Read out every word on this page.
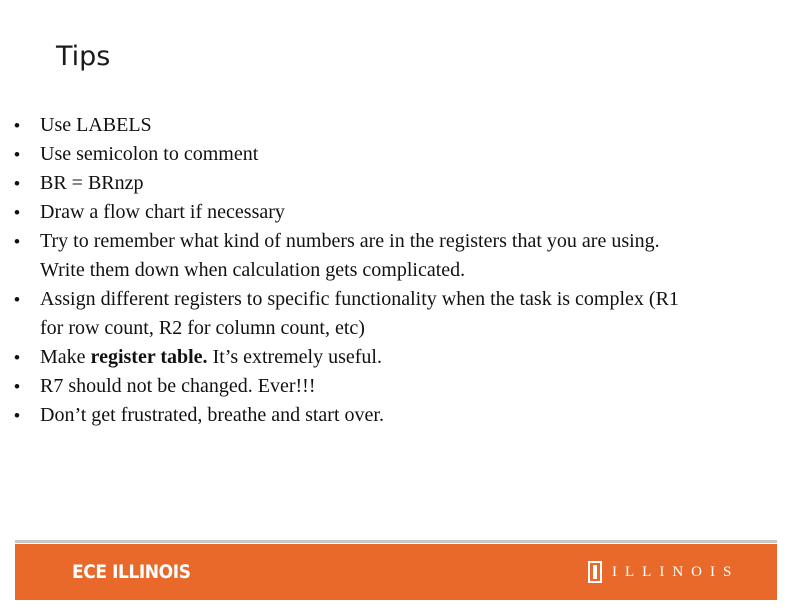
Tips
• Use LABELS
• Use semicolon to comment
• BR = BRnzp
• Draw a flow chart if necessary
• Try to remember what kind of numbers are in the registers that you are using. Write them down when calculation gets complicated.
• Assign different registers to specific functionality when the task is complex (R1 for row count, R2 for column count, etc)
• Make register table. It’s extremely useful.
• R7 should not be changed. Ever!!!
• Don’t get frustrated, breathe and start over.
ECE ILLINOIS	ILLINOIS
